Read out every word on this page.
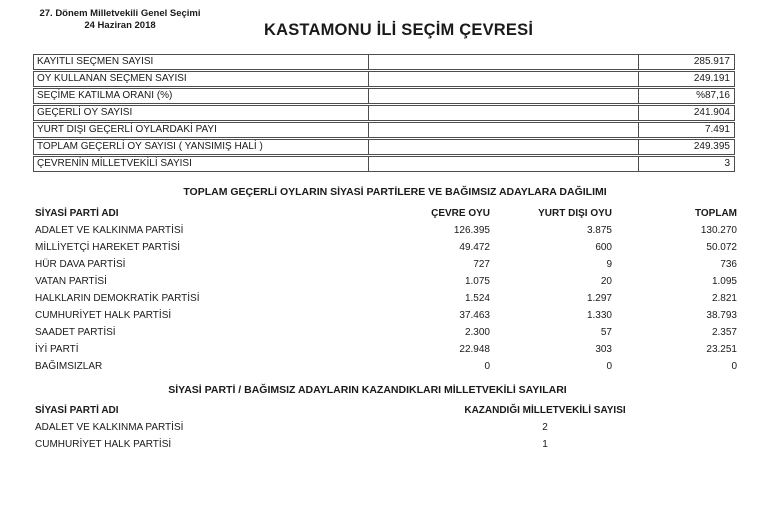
27. Dönem Milletvekili Genel Seçimi
24 Haziran 2018	KASTAMONU İLİ SEÇİM ÇEVRESİ
KAYITLI SEÇMEN SAYISI	285.917
OY KULLANAN SEÇMEN SAYISI	249.191
SEÇİME KATILMA ORANI (%)	%87,16
GEÇERLİ OY SAYISI	241.904
YURT DIŞI GEÇERLİ OYLARDAKİ PAYI	7.491
TOPLAM GEÇERLİ OY SAYISI ( YANSIMIŞ HALİ )	249.395
ÇEVRENİN MİLLETVEKİLİ SAYISI	3
TOPLAM GEÇERLİ OYLARIN SİYASİ PARTİLERE VE BAĞIMSIZ ADAYLARA DAĞILIMI
SİYASİ PARTİ ADI	ÇEVRE OYU	YURT DIŞI OYU	TOPLAM
ADALET VE KALKINMA PARTİSİ	126.395	3.875	130.270
MİLLİYETÇİ HAREKET PARTİSİ	49.472	600	50.072
HÜR DAVA PARTİSİ	727	9	736
VATAN PARTİSİ	1.075	20	1.095
HALKLARIN DEMOKRATİK PARTİSİ	1.524	1.297	2.821
CUMHURİYET HALK PARTİSİ	37.463	1.330	38.793
SAADET PARTİSİ	2.300	57	2.357
İYİ PARTİ	22.948	303	23.251
BAĞIMSIZLAR	0	0	0
SİYASİ PARTİ / BAĞIMSIZ ADAYLARIN KAZANDIKLARI MİLLETVEKİLİ SAYILARI
SİYASİ PARTİ ADI	KAZANDIĞI MİLLETVEKİLİ SAYISI
ADALET VE KALKINMA PARTİSİ	2
CUMHURİYET HALK PARTİSİ	1
